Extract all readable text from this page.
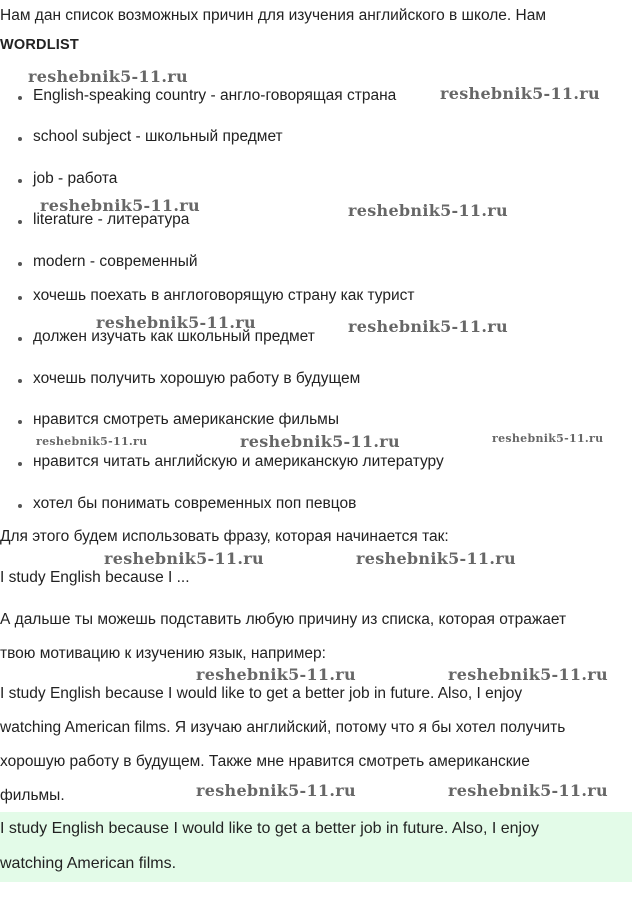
Нам дан список возможных причин для изучения английского в школе. Нам
WORDLIST
English-speaking country - англо-говорящая страна
school subject - школьный предмет
job - работа
literature - литература
modern - современный
хочешь поехать в англоговорящую страну как турист
должен изучать как школьный предмет
хочешь получить хорошую работу в будущем
нравится смотреть американские фильмы
нравится читать английскую и американскую литературу
хотел бы понимать современных поп певцов
Для этого будем использовать фразу, которая начинается так:
I study English because I ...
А дальше ты можешь подставить любую причину из списка, которая отражает
твою мотивацию к изучению язык, например:
I study English because I would like to get a better job in future. Also, I enjoy
watching American films. Я изучаю английский, потому что я бы хотел получить
хорошую работу в будущем. Также мне нравится смотреть американские
фильмы.
I study English because I would like to get a better job in future. Also, I enjoy
watching American films.
reshebnik5-11.ru
reshebnik5-11.ru
reshebnik5-11.ru	reshebnik5-11.ru
reshebnik5-11.ru	reshebnik5-11.ru
reshebnik5-11.ru	reshebnik5-11.ru	reshebnik5-11.ru
reshebnik5-11.ru	reshebnik5-11.ru
reshebnik5-11.ru	reshebnik5-11.ru
reshebnik5-11.ru	reshebnik5-11.ru
